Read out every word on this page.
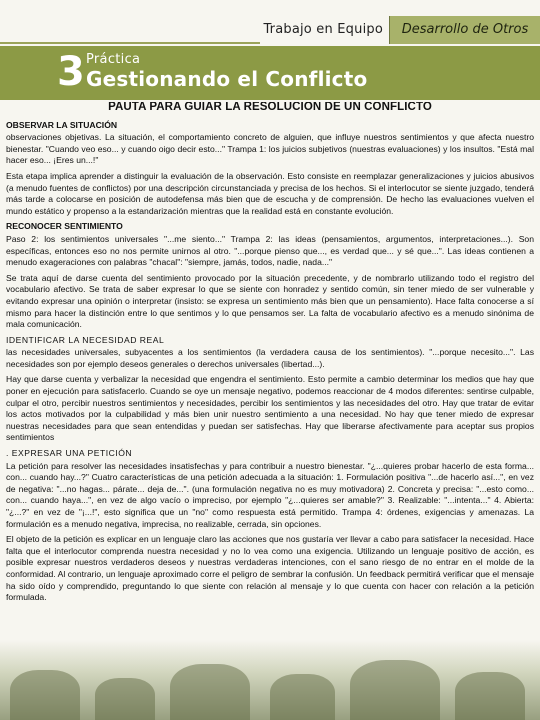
Trabajo en Equipo	Desarrollo de Otros
3 Práctica
Gestionando el Conflicto
PAUTA PARA GUIAR LA RESOLUCIÓN DE UN CONFLICTO
OBSERVAR LA SITUACIÓN

observaciones objetivas. La situación, el comportamiento concreto de alguien, que influye nuestros sentimientos y que afecta nuestro bienestar. "Cuando veo eso... y cuando oigo decir esto..." Trampa 1: los juicios subjetivos (nuestras evaluaciones) y los insultos. "Está mal hacer eso... ¡Eres un...!"

Esta etapa implica aprender a distinguir la evaluación de la observación. Esto consiste en reemplazar generalizaciones y juicios abusivos (a menudo fuentes de conflictos) por una descripción circunstanciada y precisa de los hechos. Si el interlocutor se siente juzgado, tenderá más tarde a colocarse en posición de autodefensa más bien que de escucha y de comprensión. De hecho las evaluaciones vuelven el mundo estático y propenso a la estandarización mientras que la realidad está en constante evolución.

RECONOCER SENTIMIENTO

Paso 2: los sentimientos universales "...me siento..." Trampa 2: las ideas (pensamientos, argumentos, interpretaciones...). Son específicas, entonces eso no nos permite unirnos al otro. "...porque pienso que..., es verdad que... y sé que...". Las ideas contienen a menudo exageraciones con palabras "chacal": "siempre, jamás, todos, nadie, nada..."

Se trata aquí de darse cuenta del sentimiento provocado por la situación precedente, y de nombrarlo utilizando todo el registro del vocabulario afectivo. Se trata de saber expresar lo que se siente con honradez y sentido común, sin tener miedo de ser vulnerable y evitando expresar una opinión o interpretar (insisto: se expresa un sentimiento más bien que un pensamiento). Hace falta conocerse a sí mismo para hacer la distinción entre lo que sentimos y lo que pensamos ser. La falta de vocabulario afectivo es a menudo sinónima de mala comunicación.

IDENTIFICAR LA NECESIDAD REAL

las necesidades universales, subyacentes a los sentimientos (la verdadera causa de los sentimientos). "...porque necesito...". Las necesidades son por ejemplo deseos generales o derechos universales (libertad...).

Hay que darse cuenta y verbalizar la necesidad que engendra el sentimiento. Esto permite a cambio determinar los medios que hay que poner en ejecución para satisfacerlo. Cuando se oye un mensaje negativo, podemos reaccionar de 4 modos diferentes: sentirse culpable, culpar el otro, percibir nuestros sentimientos y necesidades, percibir los sentimientos y las necesidades del otro. Hay que tratar de evitar los actos motivados por la culpabilidad y más bien unir nuestro sentimiento a una necesidad. No hay que tener miedo de expresar nuestras necesidades para que sean entendidas y puedan ser satisfechas. Hay que liberarse afectivamente para aceptar sus propios sentimientos

. EXPRESAR UNA PETICIÓN

La petición para resolver las necesidades insatisfechas y para contribuir a nuestro bienestar. "¿...quieres probar hacerlo de esta forma... con... cuando hay...?" Cuatro características de una petición adecuada a la situación: 1. Formulación positiva "...de hacerlo así...", en vez de negativa: "...no hagas... párate... deja de...". (una formulación negativa no es muy motivadora) 2. Concreta y precisa: "...esto como... con... cuando haya...", en vez de algo vacío o impreciso, por ejemplo "¿...quieres ser amable?" 3. Realizable: "...intenta..." 4. Abierta: "¿...?" en vez de "¡...!", esto significa que un "no" como respuesta está permitido. Trampa 4: órdenes, exigencias y amenazas. La formulación es a menudo negativa, imprecisa, no realizable, cerrada, sin opciones.

El objeto de la petición es explicar en un lenguaje claro las acciones que nos gustaría ver llevar a cabo para satisfacer la necesidad. Hace falta que el interlocutor comprenda nuestra necesidad y no lo vea como una exigencia. Utilizando un lenguaje positivo de acción, es posible expresar nuestros verdaderos deseos y nuestras verdaderas intenciones, con el sano riesgo de no entrar en el molde de la conformidad. Al contrario, un lenguaje aproximado corre el peligro de sembrar la confusión. Un feedback permitirá verificar que el mensaje ha sido oído y comprendido, preguntando lo que siente con relación al mensaje y lo que cuenta con hacer con relación a la petición formulada.
